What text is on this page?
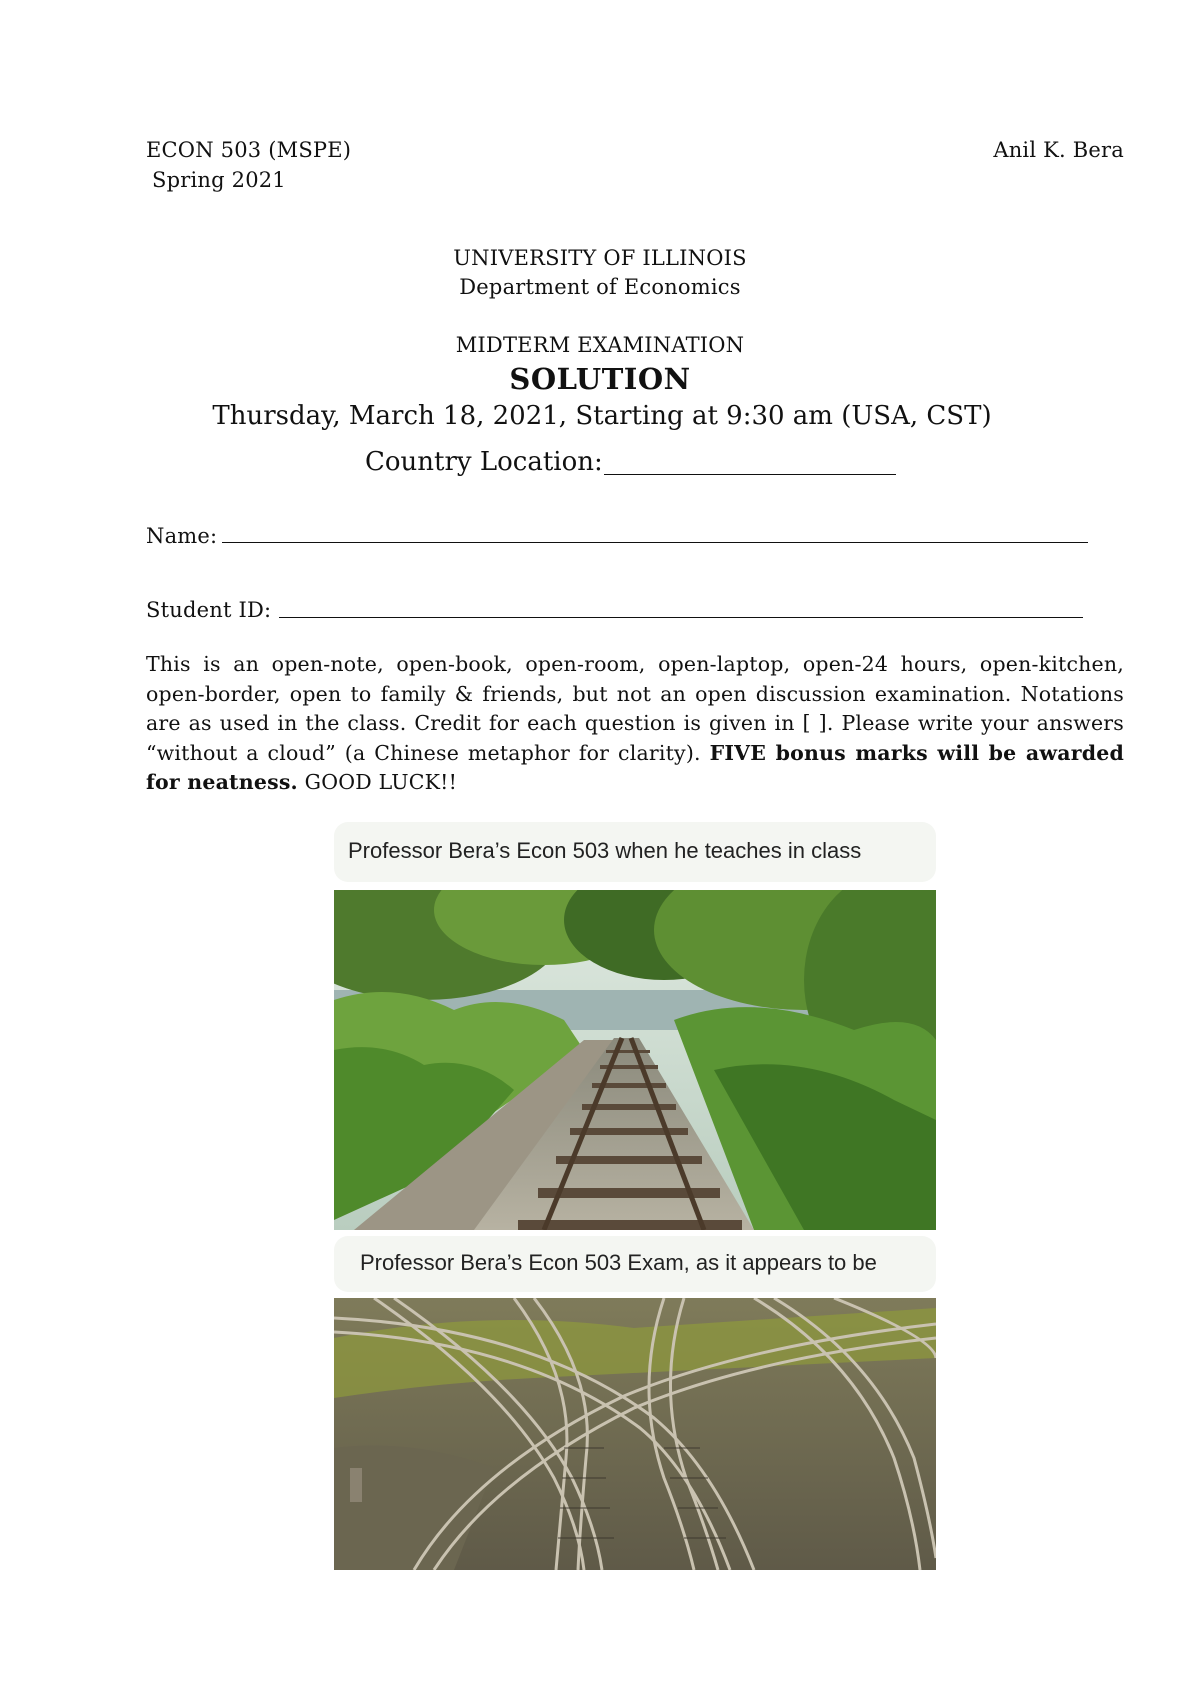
ECON 503 (MSPE)
Spring 2021
Anil K. Bera
UNIVERSITY OF ILLINOIS
Department of Economics
MIDTERM EXAMINATION
SOLUTION
Thursday, March 18, 2021, Starting at 9:30 am (USA, CST)
Country Location:
Name:
Student ID:
This is an open-note, open-book, open-room, open-laptop, open-24 hours, open-kitchen, open-border, open to family & friends, but not an open discussion examination. Notations are as used in the class. Credit for each question is given in [ ]. Please write your answers “without a cloud” (a Chinese metaphor for clarity). FIVE bonus marks will be awarded for neatness. GOOD LUCK!!
Professor Bera’s Econ 503 when he teaches in class
Professor Bera’s Econ 503 Exam, as it appears to be
